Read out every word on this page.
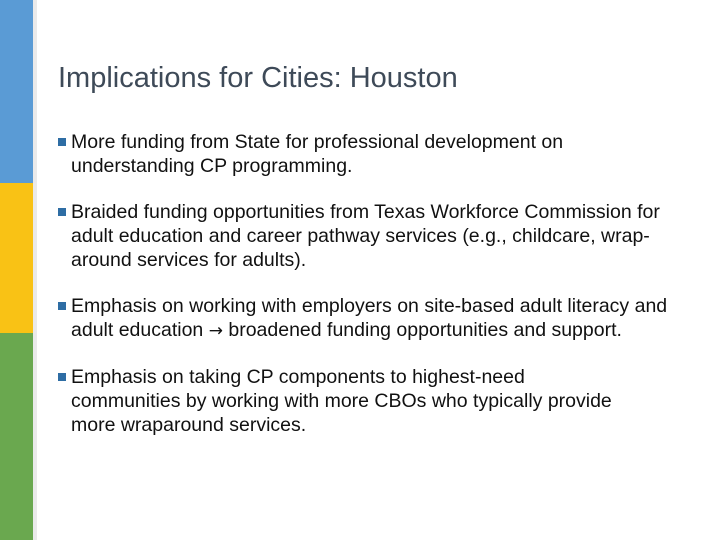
Implications for Cities: Houston
More funding from State for professional development on understanding CP programming.
Braided funding opportunities from Texas Workforce Commission for adult education and career pathway services (e.g., childcare, wrap-around services for adults).
Emphasis on working with employers on site-based adult literacy and adult education → broadened funding opportunities and support.
Emphasis on taking CP components to highest-need communities by working with more CBOs who typically provide more wraparound services.
